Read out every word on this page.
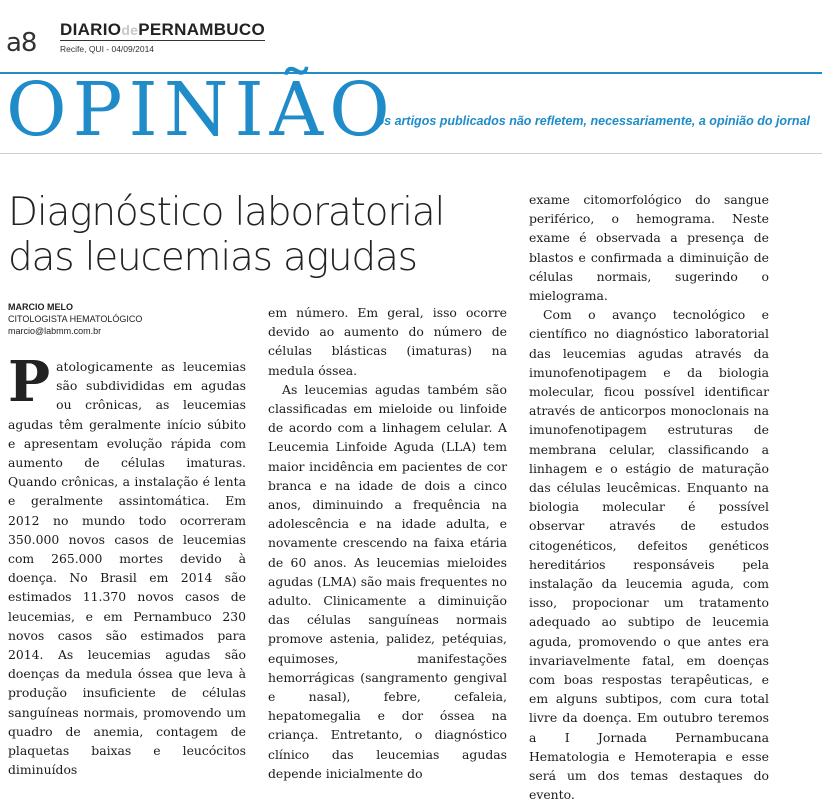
a8 DIARIOdePERNAMBUCO
Recife, QUI - 04/09/2014
OPINIÃO
os artigos publicados não refletem, necessariamente, a opinião do jornal
Diagnóstico laboratorial das leucemias agudas
MARCIO MELO
CITOLOGISTA HEMATOLÓGICO
marcio@labmm.com.br

Patologicamente as leucemias são subdivididas em agudas ou crônicas, as leucemias agudas têm geralmente início súbito e apresentam evolução rápida com aumento de células imaturas. Quando crônicas, a instalação é lenta e geralmente assintomática. Em 2012 no mundo todo ocorreram 350.000 novos casos de leucemias com 265.000 mortes devido à doença. No Brasil em 2014 são estimados 11.370 novos casos de leucemias, e em Pernambuco 230 novos casos são estimados para 2014. As leucemias agudas são doenças da medula óssea que leva à produção insuficiente de células sanguíneas normais, promovendo um quadro de anemia, contagem de plaquetas baixas e leucócitos diminuídos

em número. Em geral, isso ocorre devido ao aumento do número de células blásticas (imaturas) na medula óssea.

As leucemias agudas também são classificadas em mieloide ou linfoide de acordo com a linhagem celular. A Leucemia Linfoide Aguda (LLA) tem maior incidência em pacientes de cor branca e na idade de dois a cinco anos, diminuindo a frequência na adolescência e na idade adulta, e novamente crescendo na faixa etária de 60 anos. As leucemias mieloides agudas (LMA) são mais frequentes no adulto. Clinicamente a diminuição das células sanguíneas normais promove astenia, palidez, petéquias, equimoses, manifestações hemorrágicas (sangramento gengival e nasal), febre, cefaleia, hepatomegalia e dor óssea na criança. Entretanto, o diagnóstico clínico das leucemias agudas depende inicialmente do

exame citomorfológico do sangue periférico, o hemograma. Neste exame é observada a presença de blastos e confirmada a diminuição de células normais, sugerindo o mielograma.

Com o avanço tecnológico e científico no diagnóstico laboratorial das leucemias agudas através da imunofenotipagem e da biologia molecular, ficou possível identificar através de anticorpos monoclonais na imunofenotipagem estruturas de membrana celular, classificando a linhagem e o estágio de maturação das células leucêmicas. Enquanto na biologia molecular é possível observar através de estudos citogenéticos, defeitos genéticos hereditários responsáveis pela instalação da leucemia aguda, com isso, propocionar um tratamento adequado ao subtipo de leucemia aguda, promovendo o que antes era invariavelmente fatal, em doenças com boas respostas terapêuticas, e em alguns subtipos, com cura total livre da doença. Em outubro teremos a I Jornada Pernambucana Hematologia e Hemoterapia e esse será um dos temas destaques do evento.
